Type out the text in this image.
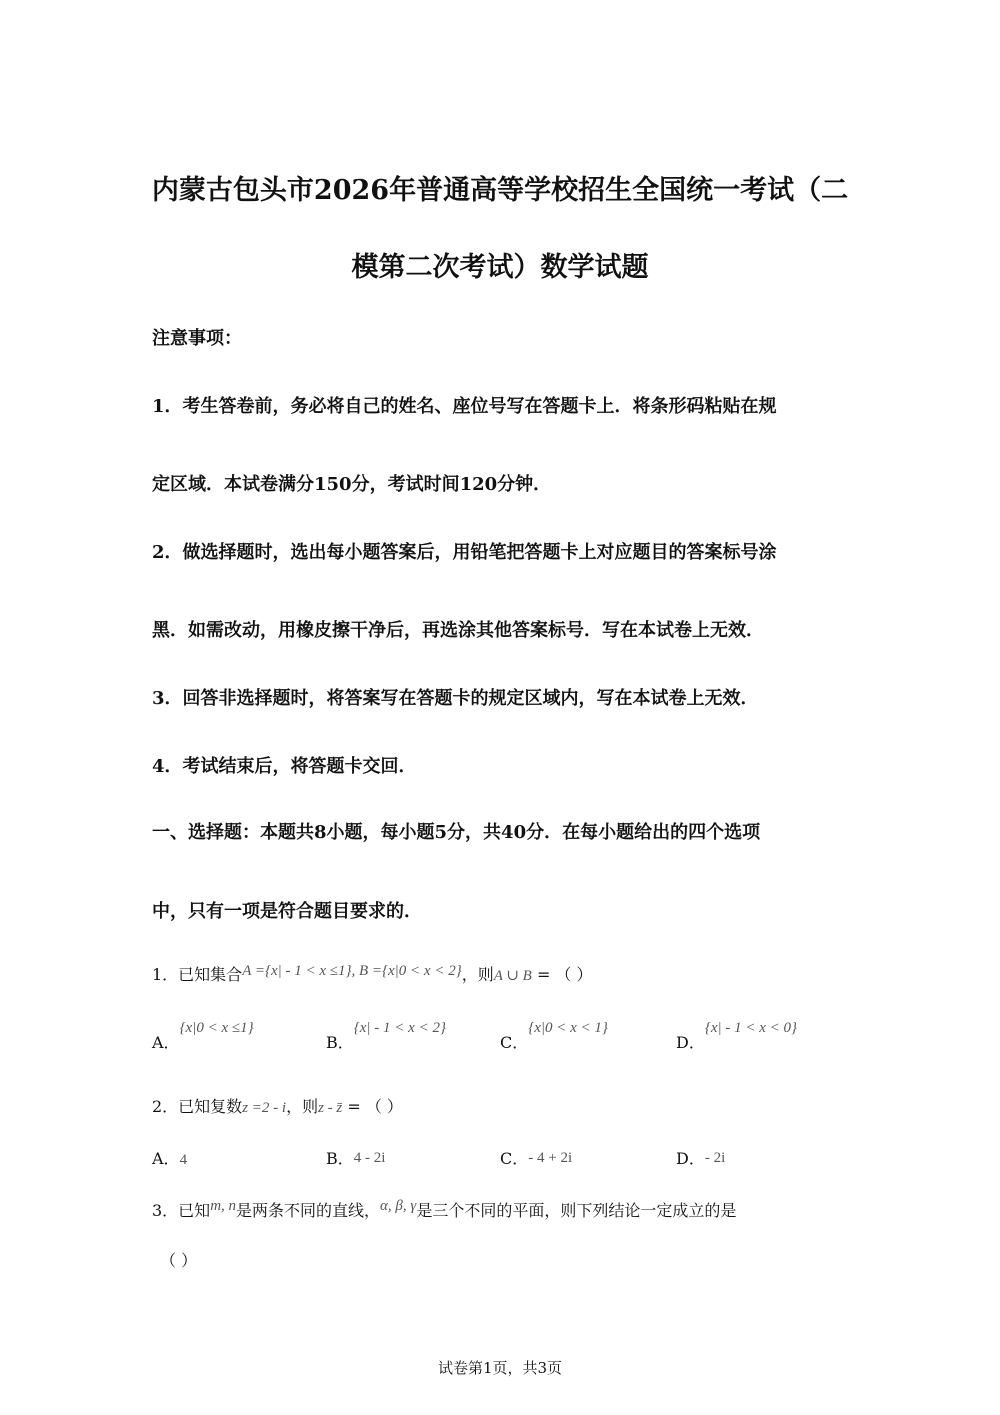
内蒙古包头市2026年普通高等学校招生全国统一考试（二
模第二次考试）数学试题
注意事项：
1．考生答卷前，务必将自己的姓名、座位号写在答题卡上．将条形码粘贴在规
定区域．本试卷满分150分，考试时间120分钟．
2．做选择题时，选出每小题答案后，用铅笔把答题卡上对应题目的答案标号涂
黑．如需改动，用橡皮擦干净后，再选涂其他答案标号．写在本试卷上无效．
3．回答非选择题时，将答案写在答题卡的规定区域内，写在本试卷上无效．
4．考试结束后，将答题卡交回．
一、选择题：本题共8小题，每小题5分，共40分．在每小题给出的四个选项
中，只有一项是符合题目要求的．
1．已知集合A ={x| - 1 < x ≤1}, B ={x|0 < x < 2}，则A ∪ B = （ ）
A．{x|0 < x ≤1}
B．{x| - 1 < x < 2}
C．{x|0 < x < 1}
D．{x| - 1 < x < 0}
2．已知复数z =2 - i，则z - z̄ = （ ）
A．4	B．4 - 2i	C．- 4 + 2i	D．- 2i
3．已知m, n是两条不同的直线，α, β, γ是三个不同的平面，则下列结论一定成立的是
（ ）
试卷第1页，共3页
